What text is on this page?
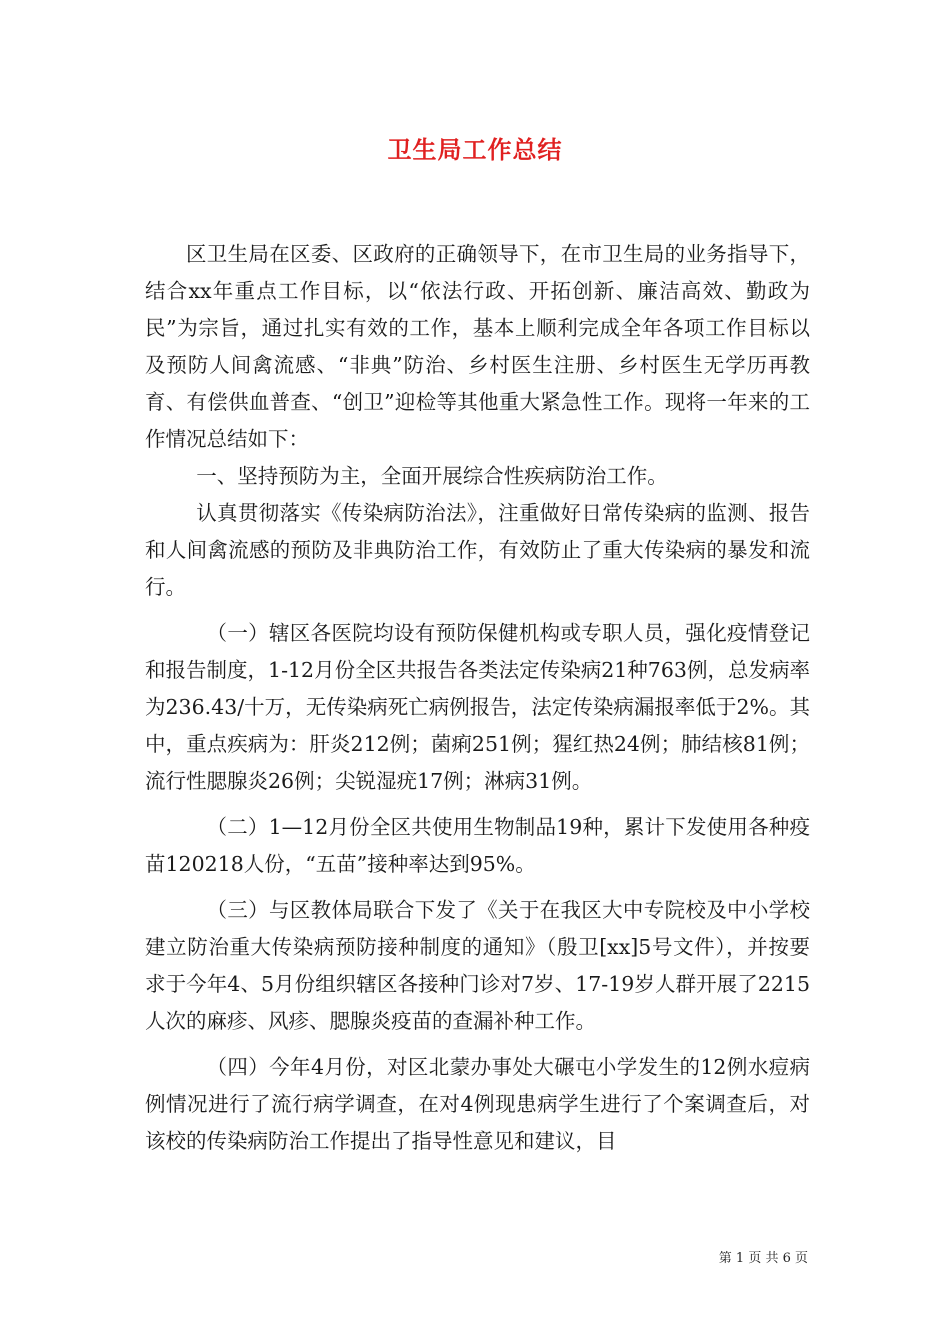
卫生局工作总结

区卫生局在区委、区政府的正确领导下，在市卫生局的业务指导下，结合xx年重点工作目标，以“依法行政、开拓创新、廉洁高效、勤政为民”为宗旨，通过扎实有效的工作，基本上顺利完成全年各项工作目标以及预防人间禽流感、“非典”防治、乡村医生注册、乡村医生无学历再教育、有偿供血普查、“创卫”迎检等其他重大紧急性工作。现将一年来的工作情况总结如下：

一、坚持预防为主，全面开展综合性疾病防治工作。

认真贯彻落实《传染病防治法》，注重做好日常传染病的监测、报告和人间禽流感的预防及非典防治工作，有效防止了重大传染病的暴发和流行。

（一）辖区各医院均设有预防保健机构或专职人员，强化疫情登记和报告制度，1-12月份全区共报告各类法定传染病21种763例，总发病率为236.43/十万，无传染病死亡病例报告，法定传染病漏报率低于2%。其中，重点疾病为：肝炎212例；菌痢251例；猩红热24例；肺结核81例；流行性腮腺炎26例；尖锐湿疣17例；淋病31例。

（二）1—12月份全区共使用生物制品19种，累计下发使用各种疫苗120218人份，“五苗”接种率达到95%。

（三）与区教体局联合下发了《关于在我区大中专院校及中小学校建立防治重大传染病预防接种制度的通知》（殷卫[xx]5号文件），并按要求于今年4、5月份组织辖区各接种门诊对7岁、17-19岁人群开展了2215人次的麻疹、风疹、腮腺炎疫苗的查漏补种工作。

（四）今年4月份，对区北蒙办事处大碾屯小学发生的12例水痘病例情况进行了流行病学调查，在对4例现患病学生进行了个案调查后，对该校的传染病防治工作提出了指导性意见和建议，目

第 1 页 共 6 页
